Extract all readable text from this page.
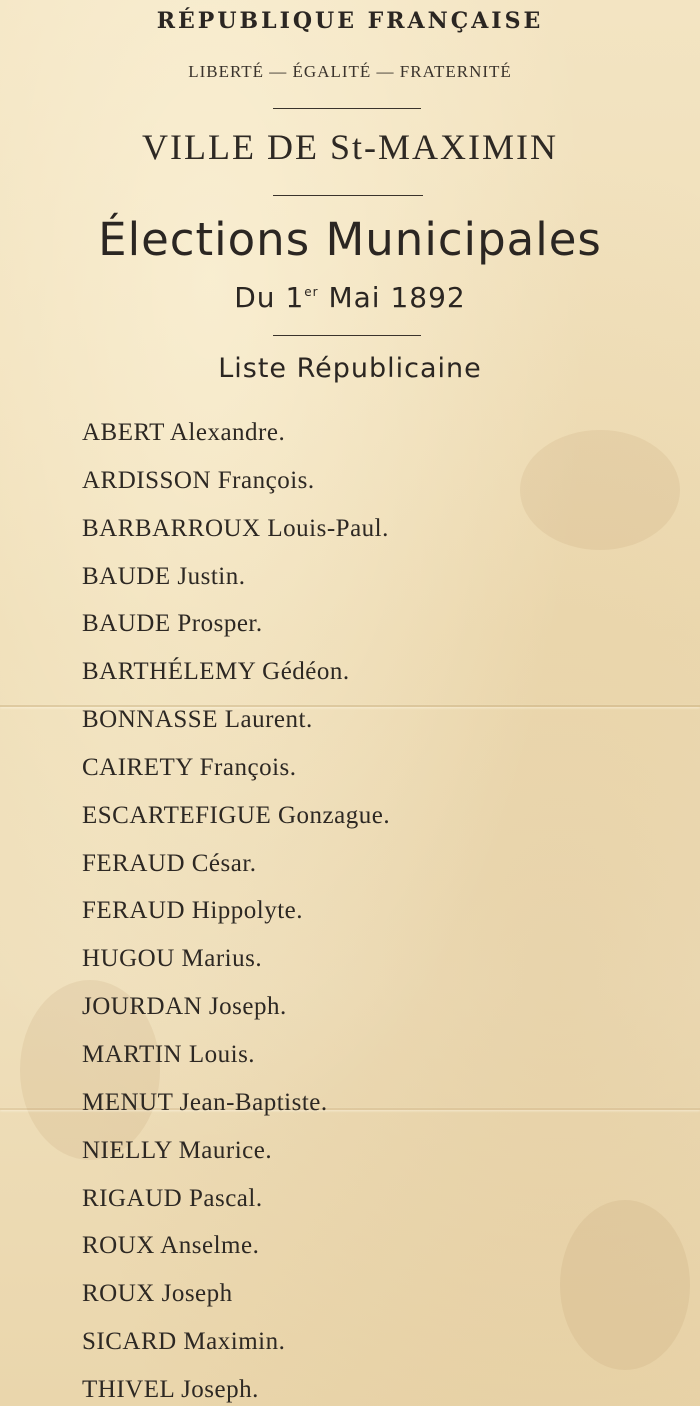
RÉPUBLIQUE FRANÇAISE
LIBERTÉ — ÉGALITÉ — FRATERNITÉ
VILLE DE St-MAXIMIN
Élections Municipales
Du 1er Mai 1892
Liste Républicaine
ABERT Alexandre.
ARDISSON François.
BARBARROUX Louis-Paul.
BAUDE Justin.
BAUDE Prosper.
BARTHÉLEMY Gédéon.
BONNASSE Laurent.
CAIRETY François.
ESCARTEFIGUE Gonzague.
FERAUD César.
FERAUD Hippolyte.
HUGOU Marius.
JOURDAN Joseph.
MARTIN Louis.
MENUT Jean-Baptiste.
NIELLY Maurice.
RIGAUD Pascal.
ROUX Anselme.
ROUX Joseph
SICARD Maximin.
THIVEL Joseph.
